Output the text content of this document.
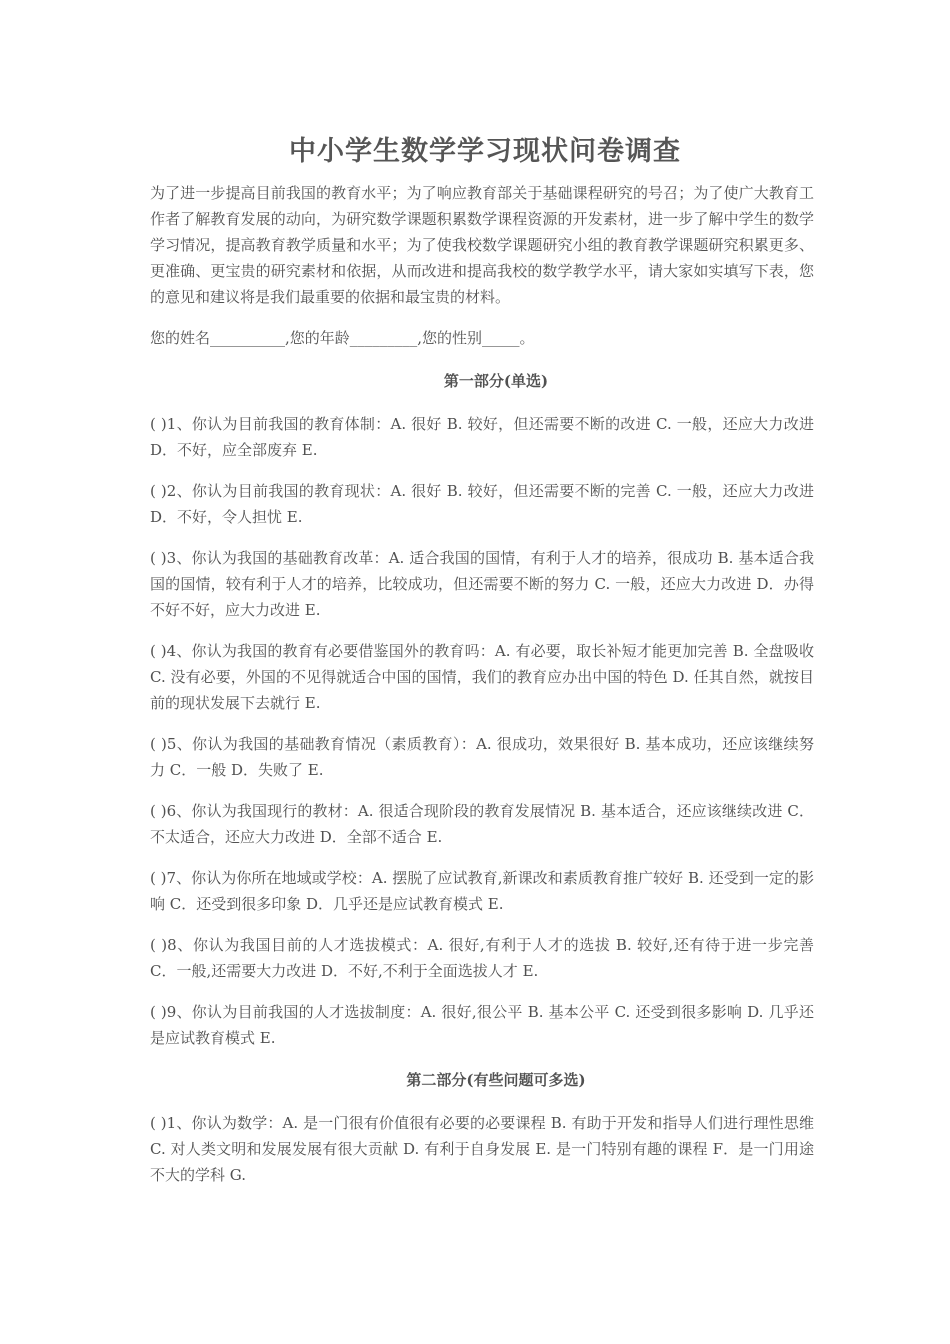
中小学生数学学习现状问卷调查
为了进一步提高目前我国的教育水平；为了响应教育部关于基础课程研究的号召；为了使广大教育工作者了解教育发展的动向，为研究数学课题积累数学课程资源的开发素材，进一步了解中学生的数学学习情况，提高教育教学质量和水平；为了使我校数学课题研究小组的教育教学课题研究积累更多、更准确、更宝贵的研究素材和依据，从而改进和提高我校的数学教学水平，请大家如实填写下表，您的意见和建议将是我们最重要的依据和最宝贵的材料。
您的姓名__________,您的年龄_________,您的性别_____。
第一部分(单选)
( )1、你认为目前我国的教育体制：A. 很好 B. 较好，但还需要不断的改进 C. 一般，还应大力改进 D．不好，应全部废弃 E.
( )2、你认为目前我国的教育现状：A. 很好 B. 较好，但还需要不断的完善 C. 一般，还应大力改进 D．不好，令人担忧 E.
( )3、你认为我国的基础教育改革：A. 适合我国的国情，有利于人才的培养，很成功 B. 基本适合我国的国情，较有利于人才的培养，比较成功，但还需要不断的努力 C. 一般，还应大力改进 D．办得不好不好，应大力改进 E.
( )4、你认为我国的教育有必要借鉴国外的教育吗：A. 有必要，取长补短才能更加完善 B. 全盘吸收 C. 没有必要，外国的不见得就适合中国的国情，我们的教育应办出中国的特色 D. 任其自然，就按目前的现状发展下去就行 E.
( )5、你认为我国的基础教育情况（素质教育）：A. 很成功，效果很好 B. 基本成功，还应该继续努力 C．一般 D．失败了 E.
( )6、你认为我国现行的教材：A. 很适合现阶段的教育发展情况 B. 基本适合，还应该继续改进 C．不太适合，还应大力改进 D．全部不适合 E.
( )7、你认为你所在地域或学校：A. 摆脱了应试教育,新课改和素质教育推广较好 B. 还受到一定的影响 C．还受到很多印象 D．几乎还是应试教育模式 E.
( )8、你认为我国目前的人才选拔模式：A. 很好,有利于人才的选拔 B. 较好,还有待于进一步完善 C．一般,还需要大力改进 D．不好,不利于全面选拔人才 E.
( )9、你认为目前我国的人才选拔制度：A. 很好,很公平 B. 基本公平 C. 还受到很多影响 D. 几乎还是应试教育模式 E.
第二部分(有些问题可多选)
( )1、你认为数学：A. 是一门很有价值很有必要的必要课程 B. 有助于开发和指导人们进行理性思维 C. 对人类文明和发展发展有很大贡献 D. 有利于自身发展 E. 是一门特别有趣的课程 F．是一门用途不大的学科 G.
